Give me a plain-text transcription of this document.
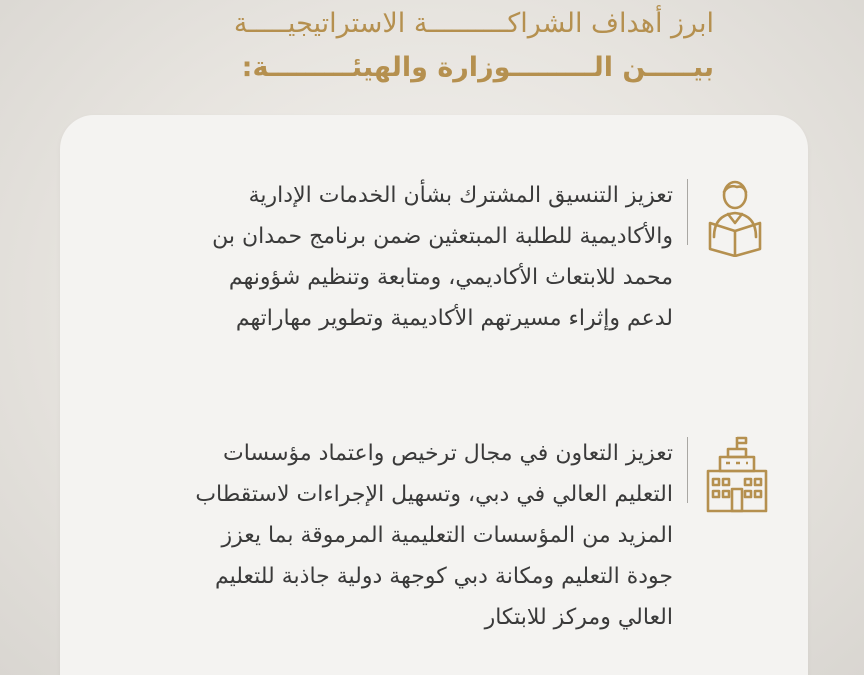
ابرز أهداف الشراكــــــــــة الاستراتيجيـــــة
بيـــــن الـــــــــوزارة والهيئـــــــــة:
تعزيز التنسيق المشترك بشأن الخدمات الإدارية
والأكاديمية للطلبة المبتعثين ضمن برنامج حمدان بن
محمد للابتعاث الأكاديمي، ومتابعة وتنظيم شؤونهم
لدعم وإثراء مسيرتهم الأكاديمية وتطوير مهاراتهم
تعزيز التعاون في مجال ترخيص واعتماد مؤسسات
التعليم العالي في دبي، وتسهيل الإجراءات لاستقطاب
المزيد من المؤسسات التعليمية المرموقة بما يعزز
جودة التعليم ومكانة دبي كوجهة دولية جاذبة للتعليم
العالي ومركز للابتكار
